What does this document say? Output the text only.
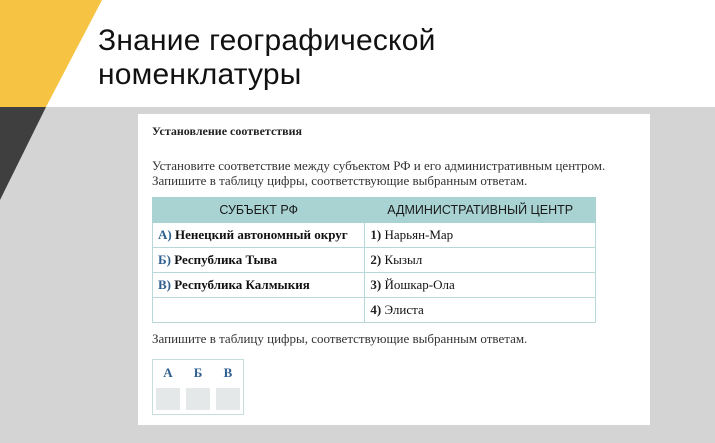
Знание географической
номенклатуры
Установление соответствия
Установите соответствие между субъектом РФ и его административным центром.
Запишите в таблицу цифры, соответствующие выбранным ответам.
СУБЪЕКТ РФ	АДМИНИСТРАТИВНЫЙ ЦЕНТР
А) Ненецкий автономный округ	1) Нарьян-Мар
Б) Республика Тыва	2) Кызыл
В) Республика Калмыкия	3) Йошкар-Ола
	4) Элиста
Запишите в таблицу цифры, соответствующие выбранным ответам.
А	Б	В
